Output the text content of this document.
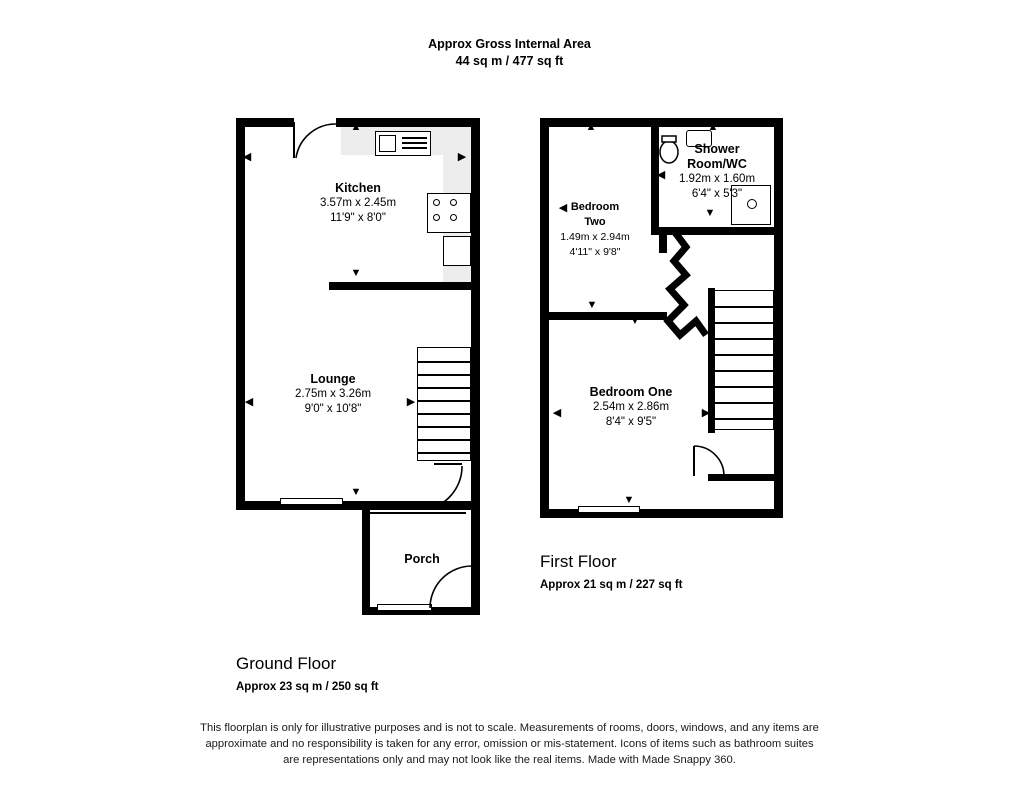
Approx Gross Internal Area
44 sq m / 477 sq ft
◀	▶
▲
▼
◀	▶
▲
▼
Kitchen
3.57m x 2.45m
11'9" x 8'0"
Lounge
2.75m x 3.26m
9'0" x 10'8"
Porch
Ground Floor
Approx 23 sq m / 250 sq ft
◀
▲
▼
◀
▲
▼
▼
◀	▶
▼
Shower
Room/WC
1.92m x 1.60m
6'4" x 5'3"
Bedroom
Two
1.49m x 2.94m
4'11" x 9'8"
Bedroom One
2.54m x 2.86m
8'4" x 9'5"
First Floor
Approx 21 sq m / 227 sq ft
This floorplan is only for illustrative purposes and is not to scale. Measurements of rooms, doors, windows, and any items are
approximate and no responsibility is taken for any error, omission or mis-statement. Icons of items such as bathroom suites
are representations only and may not look like the real items. Made with Made Snappy 360.
